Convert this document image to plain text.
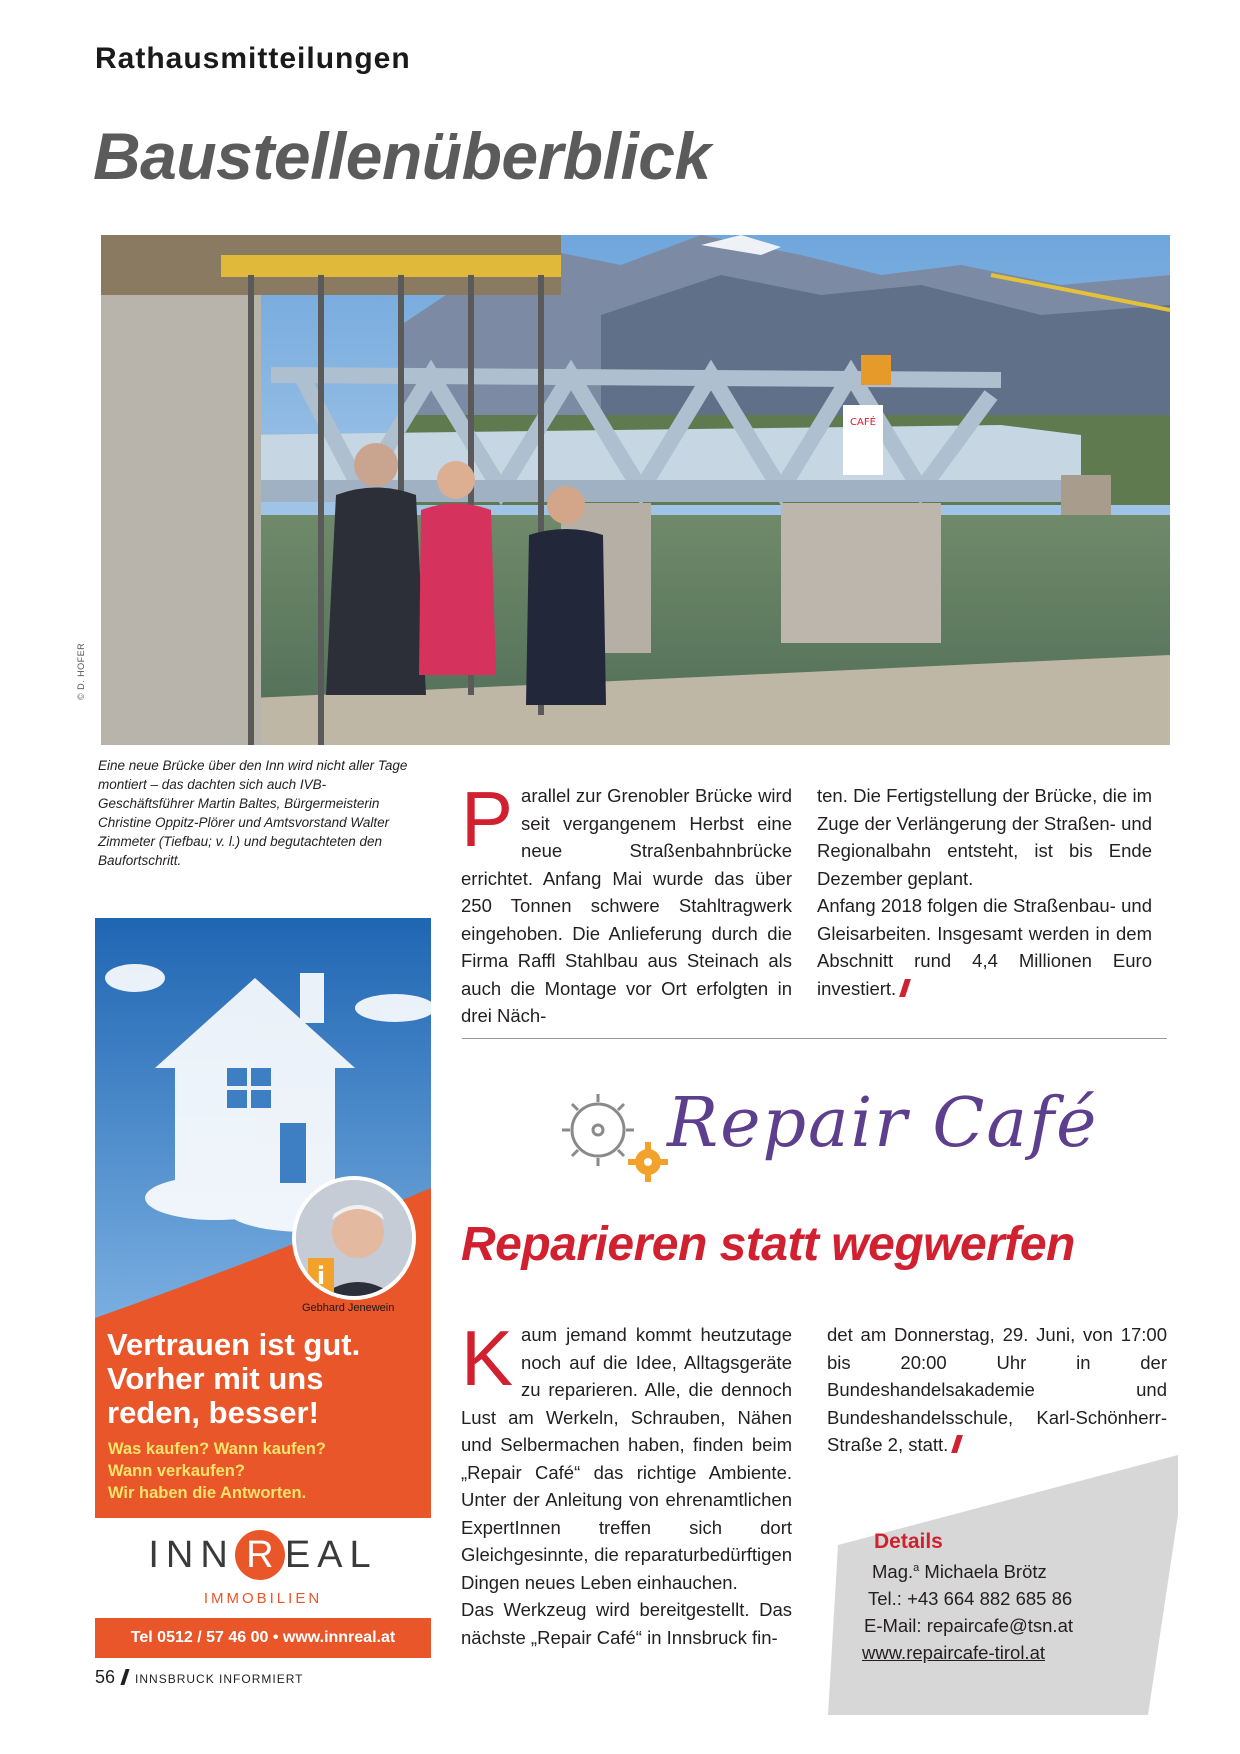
Rathausmitteilungen
Baustellenüberblick
CAFÉ
© D. HOFER
Eine neue Brücke über den Inn wird nicht aller Tage montiert – das dachten sich auch IVB-Geschäftsführer Martin Baltes, Bürgermeisterin Christine Oppitz-Plörer und Amtsvorstand Walter Zimmeter (Tiefbau; v. l.) und begutachteten den Baufortschritt.	Parallel zur Grenobler Brücke wird seit vergangenem Herbst eine neue Straßenbahnbrücke errichtet. Anfang Mai wurde das über 250 Tonnen schwere Stahltragwerk eingehoben. Die Anlieferung durch die Firma Raffl Stahlbau aus Steinach als auch die Montage vor Ort erfolgten in drei Näch-

ten. Die Fertigstellung der Brücke, die im Zuge der Verlängerung der Straßen- und Regionalbahn entsteht, ist bis Ende Dezember geplant.

Anfang 2018 folgen die Straßenbau- und Gleisarbeiten. Insgesamt werden in dem Abschnitt rund 4,4 Millionen Euro investiert.

Repair Café
Reparieren statt wegwerfen

Kaum jemand kommt heutzutage noch auf die Idee, Alltagsgeräte zu reparieren. Alle, die dennoch Lust am Werkeln, Schrauben, Nähen und Selbermachen haben, finden beim „Repair Café“ das richtige Ambiente. Unter der Anleitung von ehrenamtlichen ExpertInnen treffen sich dort Gleichgesinnte, die reparaturbedürftigen Dingen neues Leben einhauchen.

Das Werkzeug wird bereitgestellt. Das nächste „Repair Café“ in Innsbruck fin-

det am Donnerstag, 29. Juni, von 17:00 bis 20:00 Uhr in der Bundeshandelsakademie und Bundeshandelsschule, Karl-Schönherr-Straße 2, statt.

Details
Mag.$^a$ Michaela Brötz
Tel.: +43 664 882 685 86
E-Mail: repaircafe@tsn.at
www.repaircafe-tirol.at
i
Gebhard Jenewein
Vertrauen ist gut.
Vorher mit uns
reden, besser!
Was kaufen? Wann kaufen?
Wann verkaufen?
Wir haben die Antworten.
INN R EAL
IMMOBILIEN
Tel 0512 / 57 46 00 • www.innreal.at
56 INNSBRUCK INFORMIERT
